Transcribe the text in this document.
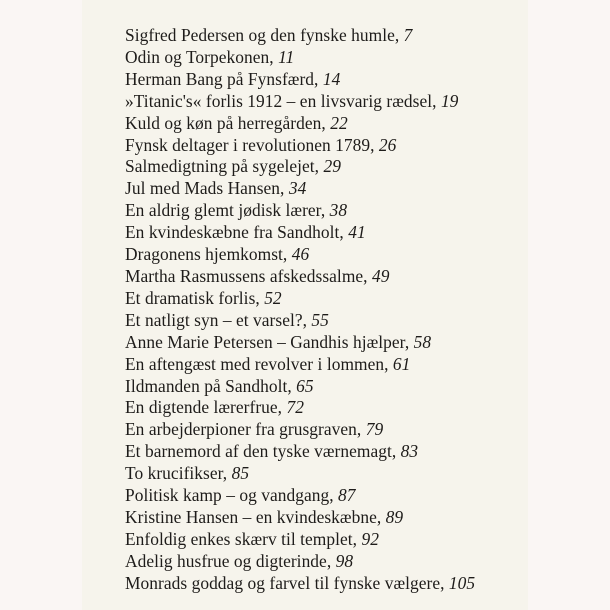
Sigfred Pedersen og den fynske humle, 7
Odin og Torpekonen, 11
Herman Bang på Fynsfærd, 14
»Titanic's« forlis 1912 – en livsvarig rædsel, 19
Kuld og køn på herregården, 22
Fynsk deltager i revolutionen 1789, 26
Salmedigtning på sygelejet, 29
Jul med Mads Hansen, 34
En aldrig glemt jødisk lærer, 38
En kvindeskæbne fra Sandholt, 41
Dragonens hjemkomst, 46
Martha Rasmussens afskedssalme, 49
Et dramatisk forlis, 52
Et natligt syn – et varsel?, 55
Anne Marie Petersen – Gandhis hjælper, 58
En aftengæst med revolver i lommen, 61
Ildmanden på Sandholt, 65
En digtende lærerfrue, 72
En arbejderpioner fra grusgraven, 79
Et barnemord af den tyske værnemagt, 83
To krucifikser, 85
Politisk kamp – og vandgang, 87
Kristine Hansen – en kvindeskæbne, 89
Enfoldig enkes skærv til templet, 92
Adelig husfrue og digterinde, 98
Monrads goddag og farvel til fynske vælgere, 105
